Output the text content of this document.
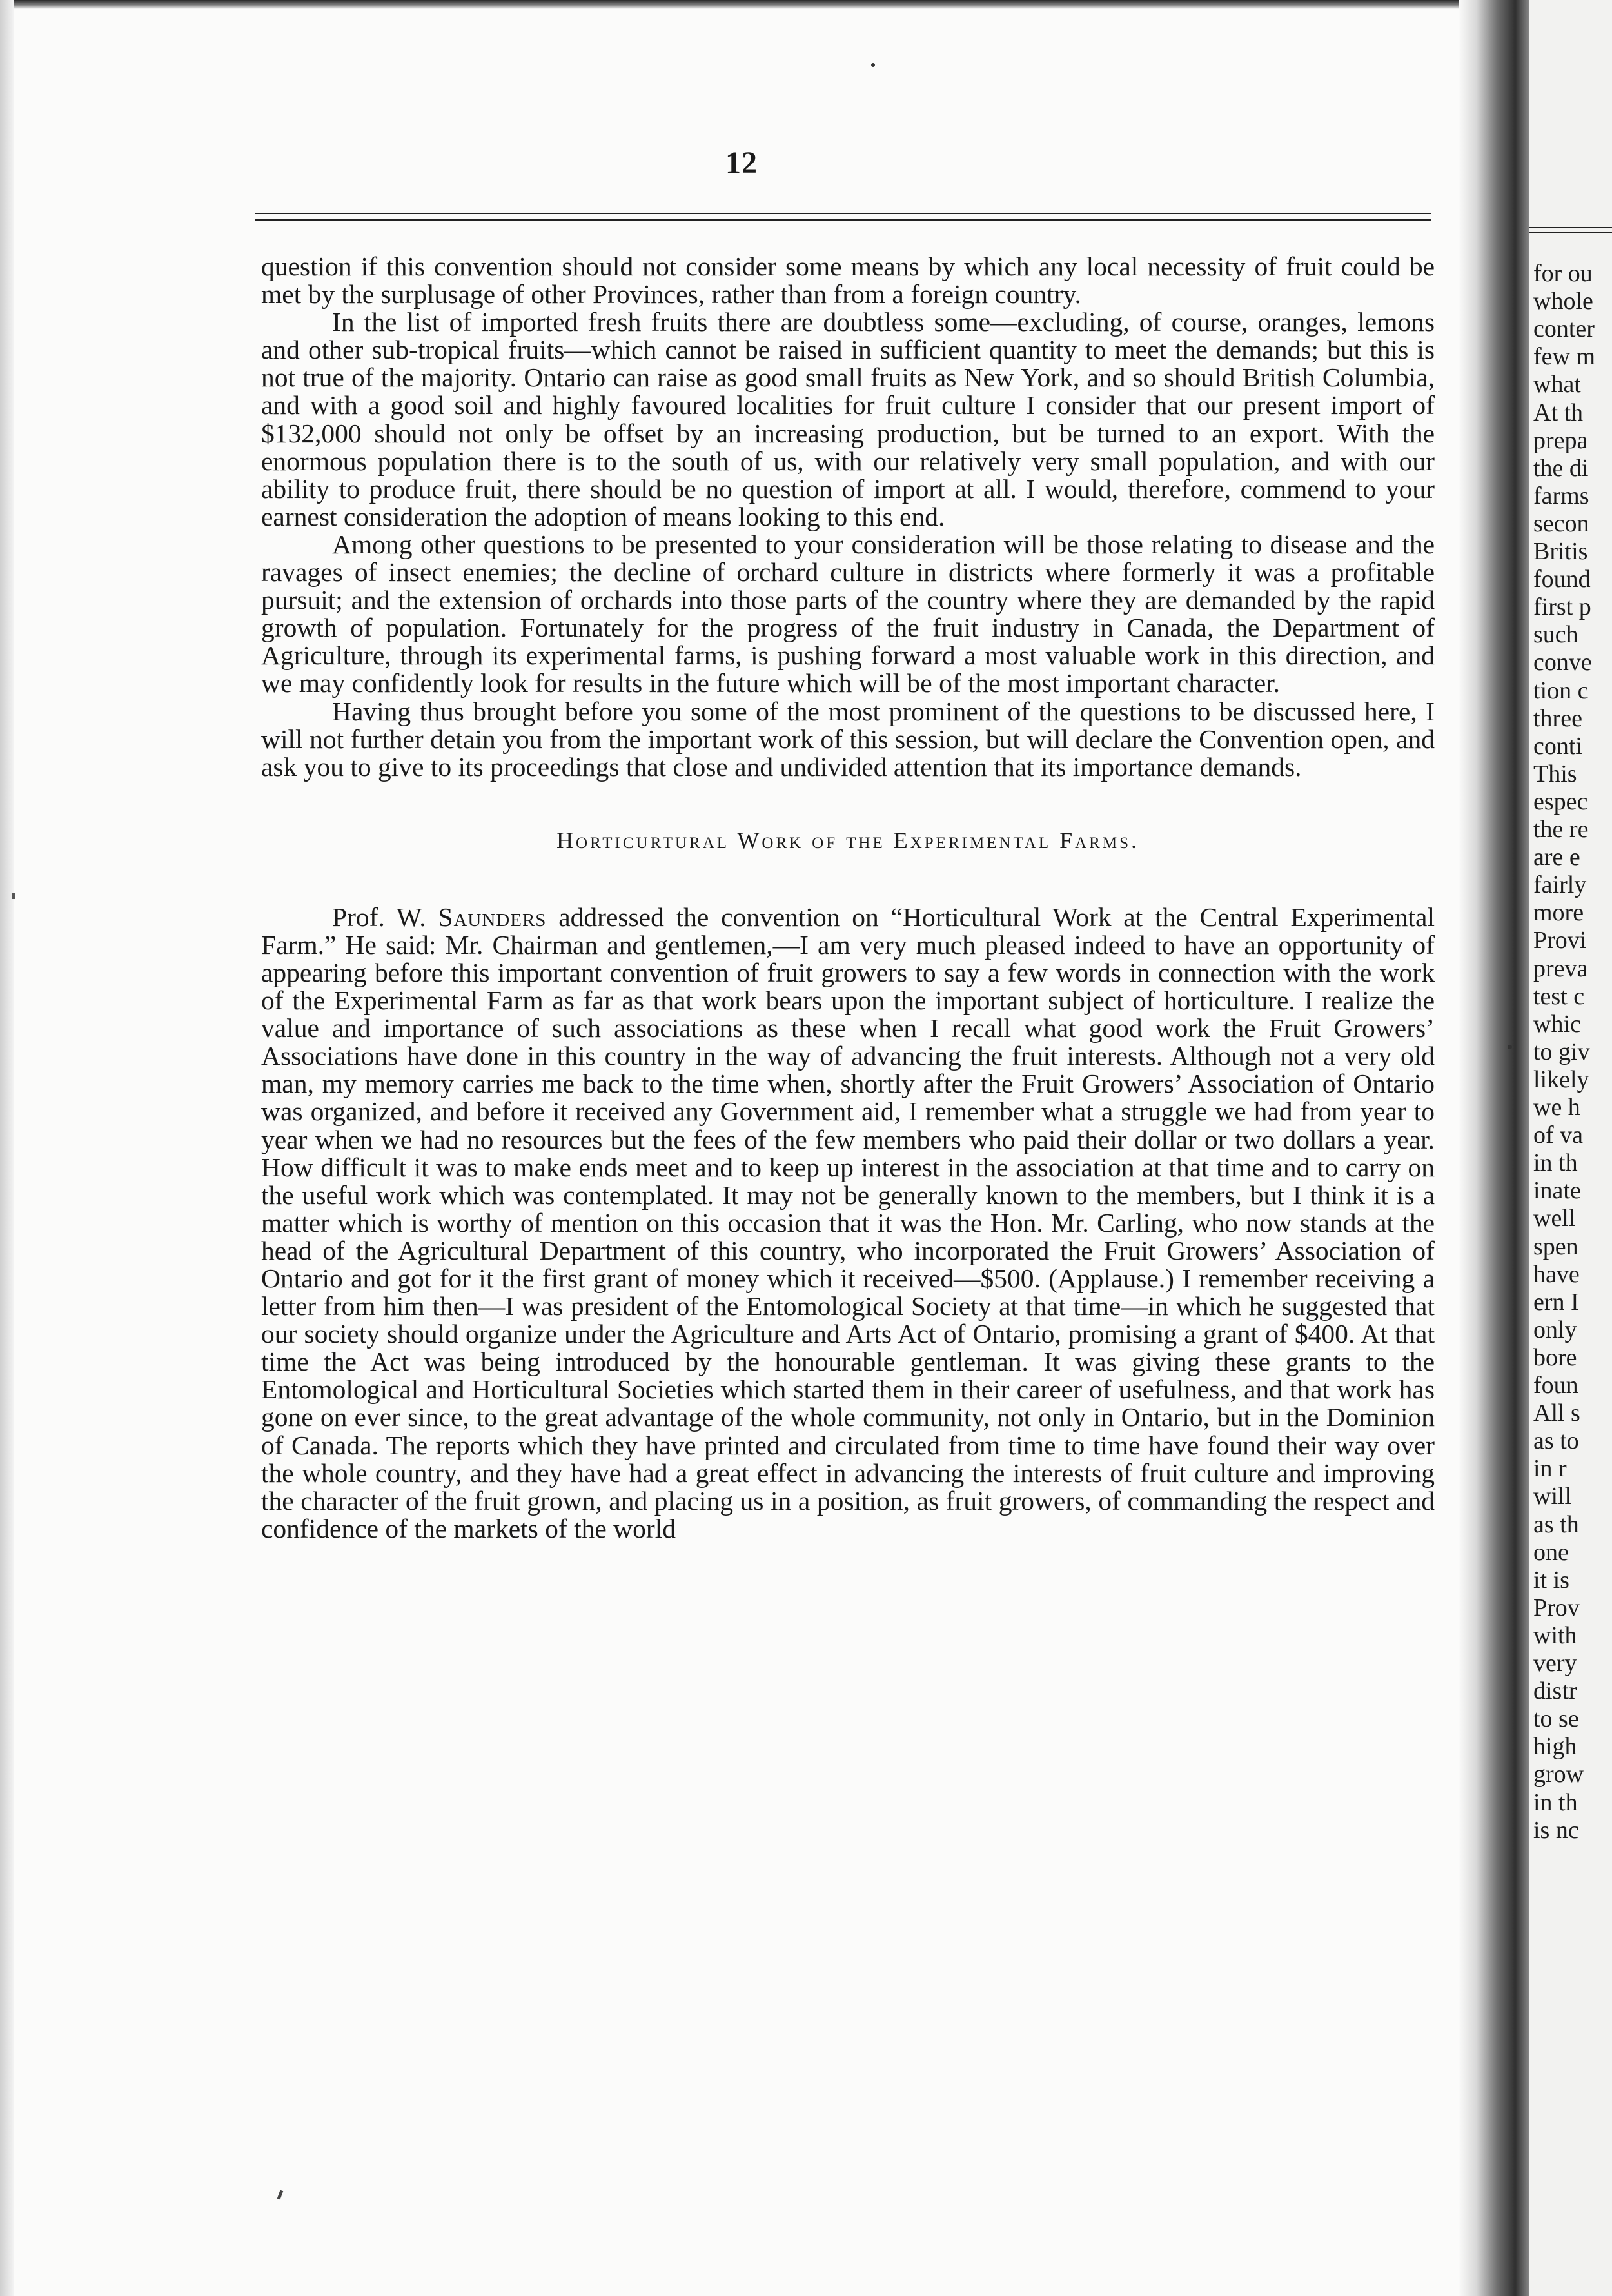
12

question if this convention should not consider some means by which any local necessity of fruit could be met by the surplusage of other Provinces, rather than from a foreign country.

In the list of imported fresh fruits there are doubtless some—excluding, of course, oranges, lemons and other sub-tropical fruits—which cannot be raised in sufficient quantity to meet the demands; but this is not true of the majority. Ontario can raise as good small fruits as New York, and so should British Columbia, and with a good soil and highly favoured localities for fruit culture I consider that our present import of $132,000 should not only be offset by an increasing production, but be turned to an export. With the enormous population there is to the south of us, with our relatively very small population, and with our ability to produce fruit, there should be no question of import at all. I would, therefore, commend to your earnest consideration the adoption of means looking to this end.

Among other questions to be presented to your consideration will be those relating to disease and the ravages of insect enemies; the decline of orchard culture in districts where formerly it was a profitable pursuit; and the extension of orchards into those parts of the country where they are demanded by the rapid growth of population. Fortunately for the progress of the fruit industry in Canada, the Department of Agriculture, through its experimental farms, is pushing forward a most valuable work in this direction, and we may confidently look for results in the future which will be of the most important character.

Having thus brought before you some of the most prominent of the questions to be discussed here, I will not further detain you from the important work of this session, but will declare the Convention open, and ask you to give to its proceedings that close and undivided attention that its importance demands.

Horticurtural Work of the Experimental Farms.

Prof. W. Saunders addressed the convention on “Horticultural Work at the Central Experimental Farm.” He said: Mr. Chairman and gentlemen,—I am very much pleased indeed to have an opportunity of appearing before this important convention of fruit growers to say a few words in connection with the work of the Experimental Farm as far as that work bears upon the important subject of horticulture. I realize the value and importance of such associations as these when I recall what good work the Fruit Growers’ Associations have done in this country in the way of advancing the fruit interests. Although not a very old man, my memory carries me back to the time when, shortly after the Fruit Growers’ Association of Ontario was organized, and before it received any Government aid, I remember what a struggle we had from year to year when we had no resources but the fees of the few members who paid their dollar or two dollars a year. How difficult it was to make ends meet and to keep up interest in the association at that time and to carry on the useful work which was contemplated. It may not be generally known to the members, but I think it is a matter which is worthy of mention on this occasion that it was the Hon. Mr. Carling, who now stands at the head of the Agricultural Department of this country, who incorporated the Fruit Growers’ Association of Ontario and got for it the first grant of money which it received—$500. (Applause.) I remember receiving a letter from him then—I was president of the Entomological Society at that time—in which he suggested that our society should organize under the Agriculture and Arts Act of Ontario, promising a grant of $400. At that time the Act was being introduced by the honourable gentleman. It was giving these grants to the Entomological and Horticultural Societies which started them in their career of usefulness, and that work has gone on ever since, to the great advantage of the whole community, not only in Ontario, but in the Dominion of Canada. The reports which they have printed and circulated from time to time have found their way over the whole country, and they have had a great effect in advancing the interests of fruit culture and improving the character of the fruit grown, and placing us in a position, as fruit growers, of commanding the respect and confidence of the markets of the world

for ou
whole
conter
few m
what
At th
prepa
the di
farms
secon
Britis
found
first p
such
conve
tion c
three
conti
This
espec
the re
are e
fairly
more
Provi
preva
test c
whic
to giv
likely
we h
of va
in th
inate
well
spen
have
ern I
only
bore
foun
All s
as to
in r
will
as th
one
it is
Prov
with
very
distr
to se
high
grow
in th
is nc
